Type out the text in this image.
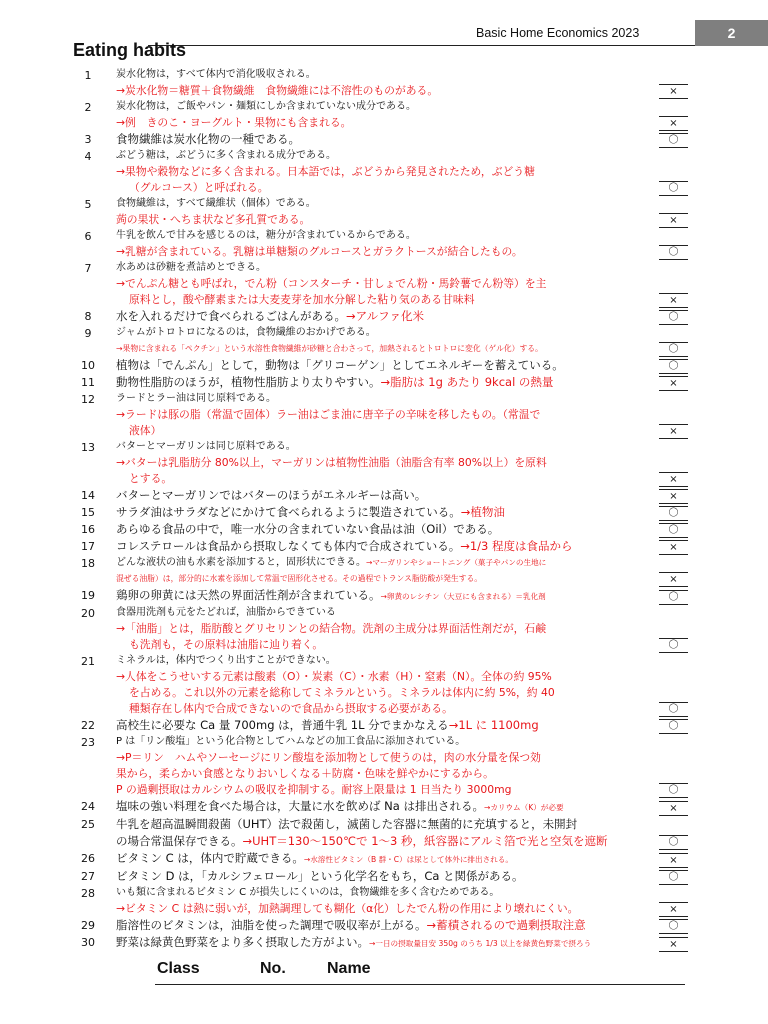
Basic Home Economics 2023	2
Eating habits
1	炭水化物は，すべて体内で消化吸収される。
→炭水化物＝糖質＋食物繊維　食物繊維には不溶性のものがある。	×
2	炭水化物は，ご飯やパン・麺類にしか含まれていない成分である。
→例　きのこ・ヨーグルト・果物にも含まれる。	×
3	食物繊維は炭水化物の一種である。	〇
4	ぶどう糖は，ぶどうに多く含まれる成分である。
→果物や穀物などに多く含まれる。日本語では，ぶどうから発見されたため，ぶどう糖
（グルコース）と呼ばれる。	〇
5	食物繊維は，すべて繊維状（個体）である。
蒟の果状・へちま状など多孔質である。	×
6	牛乳を飲んで甘みを感じるのは，糖分が含まれているからである。
→乳糖が含まれている。乳糖は単糖類のグルコースとガラクトースが結合したもの。	〇
7	水あめは砂糖を煮詰めとできる。
→でんぷん糖とも呼ばれ，でん粉（コンスターチ・甘しょでん粉・馬鈴薯でん粉等）を主
原料とし，酸や酵素または大麦麦芽を加水分解した粘り気のある甘味料	×
8	水を入れるだけで食べられるごはんがある。→アルファ化米	〇
9	ジャムがトロトロになるのは，食物繊維のおかげである。
→果物に含まれる「ペクチン」という水溶性食物繊維が砂糖と合わさって，加熱されるとトロトロに変化（ゲル化）する。	〇
10	植物は「でんぷん」として，動物は「グリコーゲン」としてエネルギーを蓄えている。	〇
11	動物性脂肪のほうが，植物性脂肪より太りやすい。→脂肪は 1g あたり 9kcal の熱量	×
12	ラードとラー油は同じ原料である。
→ラードは豚の脂（常温で固体）ラー油はごま油に唐辛子の辛味を移したもの。（常温で
液体）	×
13	バターとマーガリンは同じ原料である。
→バターは乳脂肪分 80%以上，マーガリンは植物性油脂（油脂含有率 80%以上）を原料
とする。	×
14	バターとマーガリンではバターのほうがエネルギーは高い。	×
15	サラダ油はサラダなどにかけて食べられるように製造されている。→植物油	〇
16	あらゆる食品の中で，唯一水分の含まれていない食品は油（Oil）である。	〇
17	コレステロールは食品から摂取しなくても体内で合成されている。→1/3 程度は食品から	×
18	どんな液状の油も水素を添加すると，固形状にできる。→マーガリンやショートニング（菓子やパンの生地に
混ぜる油脂）は，部分的に水素を添加して常温で固形化させる。その過程でトランス脂肪酸が発生する。	×
19	鶏卵の卵黄には天然の界面活性剤が含まれている。→卵黄のレシチン（大豆にも含まれる）＝乳化剤	〇
20	食器用洗剤も元をたどれば，油脂からできている
→「油脂」とは，脂肪酸とグリセリンとの結合物。洗剤の主成分は界面活性剤だが，石鹸
も洗剤も，その原料は油脂に辿り着く。	〇
21	ミネラルは，体内でつくり出すことができない。
→人体をこうせいする元素は酸素（O）・炭素（C）・水素（H）・窒素（N）。全体の約 95%
を占める。これ以外の元素を総称してミネラルという。ミネラルは体内に約 5%，約 40
種類存在し体内で合成できないので食品から摂取する必要がある。	〇
22	高校生に必要な Ca 量 700mg は，普通牛乳 1L 分でまかなえる→1L に 1100mg	〇
23	P は「リン酸塩」という化合物としてハムなどの加工食品に添加されている。
→P＝リン　ハムやソーセージにリン酸塩を添加物として使うのは，肉の水分量を保つ効
果から，柔らかい食感となりおいしくなる＋防腐・色味を鮮やかにするから。
P の過剰摂取はカルシウムの吸収を抑制する。耐容上限量は 1 日当たり 3000mg	〇
24	塩味の強い料理を食べた場合は，大量に水を飲めば Na は排出される。→カリウム（K）が必要	×
25	牛乳を超高温瞬間殺菌（UHT）法で殺菌し，滅菌した容器に無菌的に充填すると，未開封
の場合常温保存できる。→UHT＝130～150℃で 1～3 秒，紙容器にアルミ箔で光と空気を遮断	〇
26	ビタミン C は，体内で貯蔵できる。→水溶性ビタミン（B 群・C）は尿として体外に排出される。	×
27	ビタミン D は，「カルシフェロール」という化学名をもち，Ca と関係がある。	〇
28	いも類に含まれるビタミン C が損失しにくいのは，食物繊維を多く含むためである。
→ビタミン C は熱に弱いが，加熱調理しても糊化（α化）したでん粉の作用により壊れにくい。	×
29	脂溶性のビタミンは，油脂を使った調理で吸収率が上がる。→蓄積されるので過剰摂取注意	〇
30	野菜は緑黄色野菜をより多く摂取した方がよい。→一日の摂取量目安 350g のうち 1/3 以上を緑黄色野菜で摂ろう	×
Class	No.	Name
